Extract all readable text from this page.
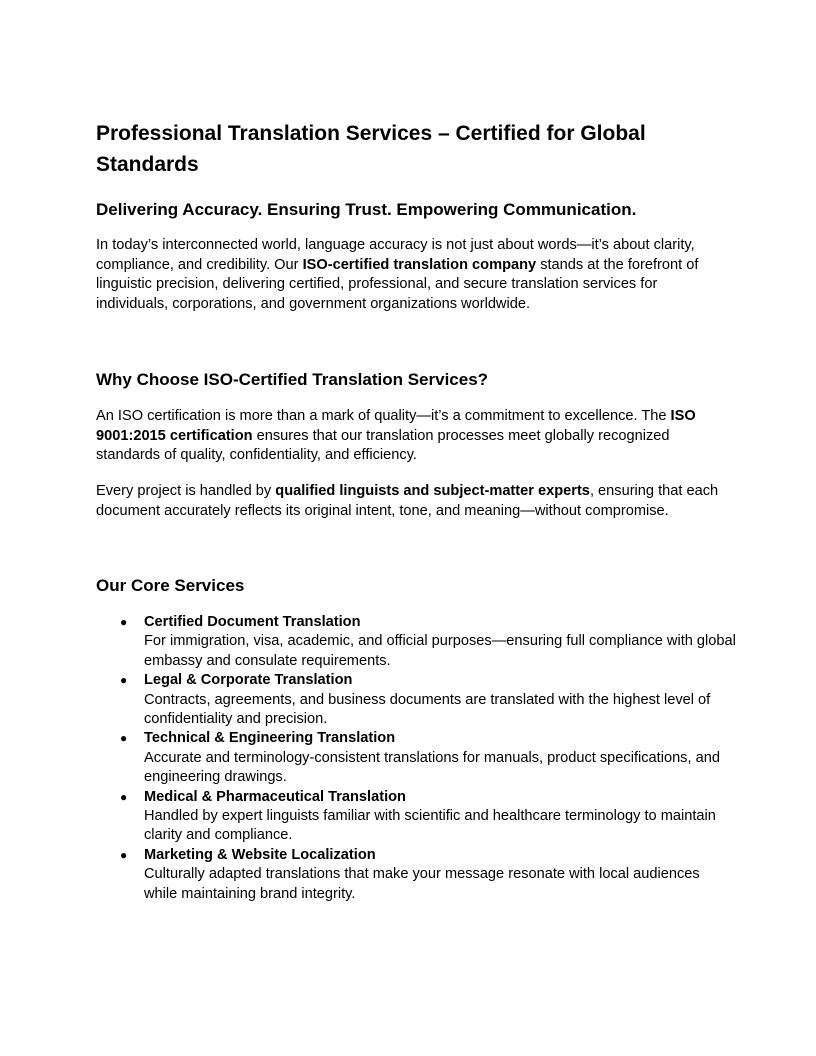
Professional Translation Services – Certified for Global Standards
Delivering Accuracy. Ensuring Trust. Empowering Communication.

In today’s interconnected world, language accuracy is not just about words—it’s about clarity, compliance, and credibility. Our ISO-certified translation company stands at the forefront of linguistic precision, delivering certified, professional, and secure translation services for individuals, corporations, and government organizations worldwide.

Why Choose ISO-Certified Translation Services?

An ISO certification is more than a mark of quality—it’s a commitment to excellence. The ISO 9001:2015 certification ensures that our translation processes meet globally recognized standards of quality, confidentiality, and efficiency.

Every project is handled by qualified linguists and subject-matter experts, ensuring that each document accurately reflects its original intent, tone, and meaning—without compromise.

Our Core Services
● Certified Document Translation
For immigration, visa, academic, and official purposes—ensuring full compliance with global embassy and consulate requirements.
● Legal & Corporate Translation
Contracts, agreements, and business documents are translated with the highest level of confidentiality and precision.
● Technical & Engineering Translation
Accurate and terminology-consistent translations for manuals, product specifications, and engineering drawings.
● Medical & Pharmaceutical Translation
Handled by expert linguists familiar with scientific and healthcare terminology to maintain clarity and compliance.
● Marketing & Website Localization
Culturally adapted translations that make your message resonate with local audiences while maintaining brand integrity.
